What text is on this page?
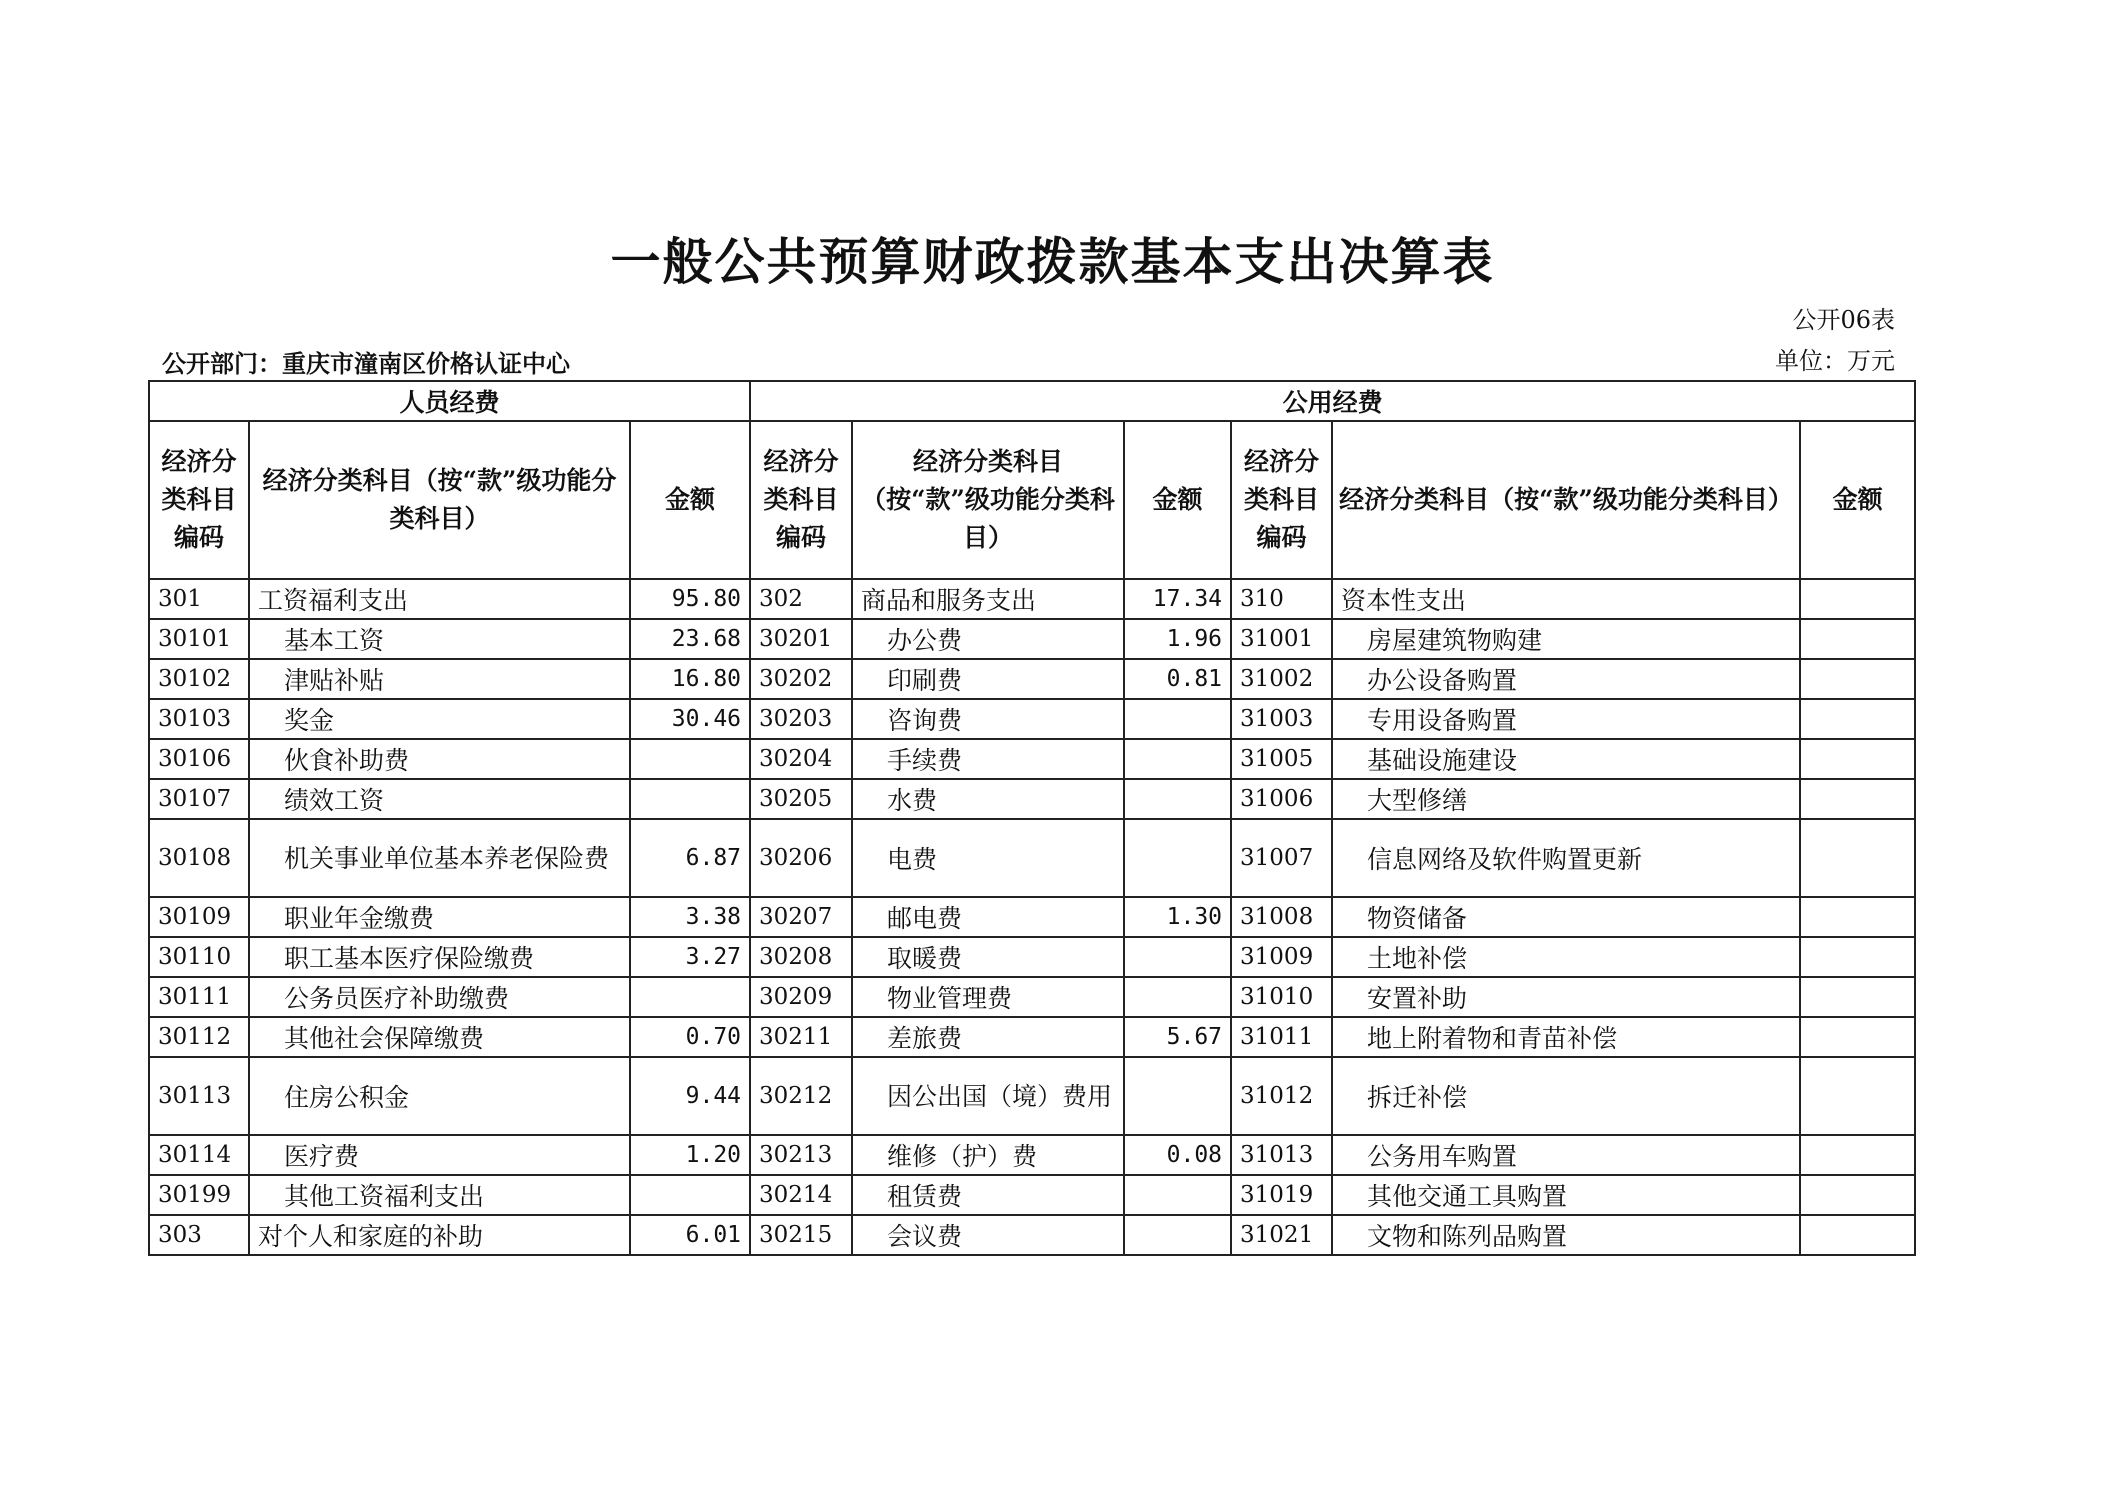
一般公共预算财政拨款基本支出决算表
公开06表
公开部门：重庆市潼南区价格认证中心	单位：万元
人员经费			公用经费					
经济分类科目编码	经济分类科目（按“款”级功能分类科目）	金额	经济分类科目编码	经济分类科目（按“款”级功能分类科目）	金额	经济分类科目编码	经济分类科目（按“款”级功能分类科目）	金额
301	工资福利支出	95.80	302	商品和服务支出	17.34	310	资本性支出	
30101	基本工资	23.68	30201	办公费	1.96	31001	房屋建筑物购建	
30102	津贴补贴	16.80	30202	印刷费	0.81	31002	办公设备购置	
30103	奖金	30.46	30203	咨询费		31003	专用设备购置	
30106	伙食补助费		30204	手续费		31005	基础设施建设	
30107	绩效工资		30205	水费		31006	大型修缮	
30108	机关事业单位基本养老保险费	6.87	30206	电费		31007	信息网络及软件购置更新	
30109	职业年金缴费	3.38	30207	邮电费	1.30	31008	物资储备	
30110	职工基本医疗保险缴费	3.27	30208	取暖费		31009	土地补偿	
30111	公务员医疗补助缴费		30209	物业管理费		31010	安置补助	
30112	其他社会保障缴费	0.70	30211	差旅费	5.67	31011	地上附着物和青苗补偿	
30113	住房公积金	9.44	30212	因公出国（境）费用		31012	拆迁补偿	
30114	医疗费	1.20	30213	维修（护）费	0.08	31013	公务用车购置	
30199	其他工资福利支出		30214	租赁费		31019	其他交通工具购置	
303	对个人和家庭的补助	6.01	30215	会议费		31021	文物和陈列品购置	
